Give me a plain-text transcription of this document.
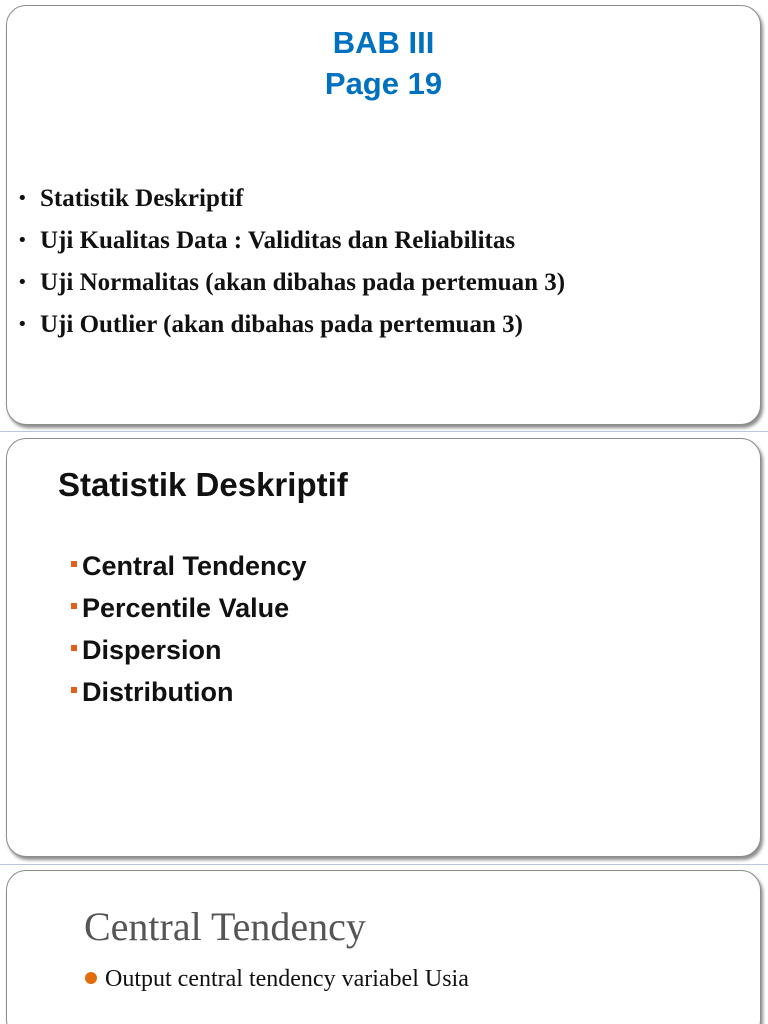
BAB III
Page 19
• Statistik Deskriptif
• Uji Kualitas Data : Validitas dan Reliabilitas
• Uji Normalitas (akan dibahas pada pertemuan 3)
• Uji Outlier (akan dibahas pada pertemuan 3)
Statistik Deskriptif
Central Tendency
Percentile Value
Dispersion
Distribution
Central Tendency
Output central tendency variabel Usia
